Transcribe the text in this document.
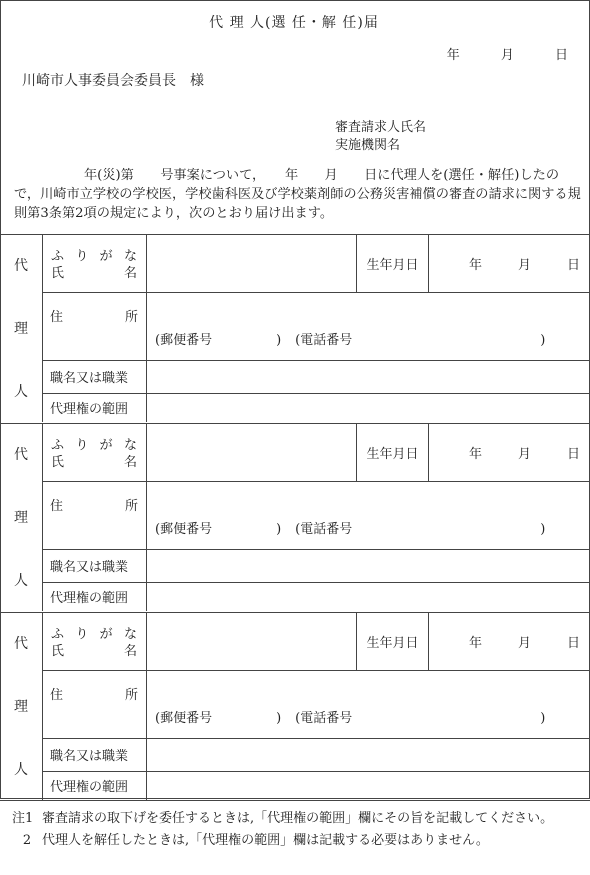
代 理 人(選 任・解 任)届
年	月	日
川崎市人事委員会委員長　様
審査請求人氏名
実施機関名
年(災)第　　号事案について，　　年　　月　　日に代理人を(選任・解任)したので，川崎市立学校の学校医，学校歯科医及び学校薬剤師の公務災害補償の審査の請求に関する規則第3条第2項の規定により，次のとおり届け出ます。
代
理
人
ふ り が な
氏	名
生年月日	年	月	日
住	所
(郵便番号	) (電話番号	)
職名又は職業
代理権の範囲
代
理
人
ふ り が な
氏	名
生年月日	年	月	日
住	所
(郵便番号	) (電話番号	)
職名又は職業
代理権の範囲
代
理
人
ふ り が な
氏	名
生年月日	年	月	日
住	所
(郵便番号	) (電話番号	)
職名又は職業
代理権の範囲
注1 審査請求の取下げを委任するときは,「代理権の範囲」欄にその旨を記載してください。
2 代理人を解任したときは,「代理権の範囲」欄は記載する必要はありません。
